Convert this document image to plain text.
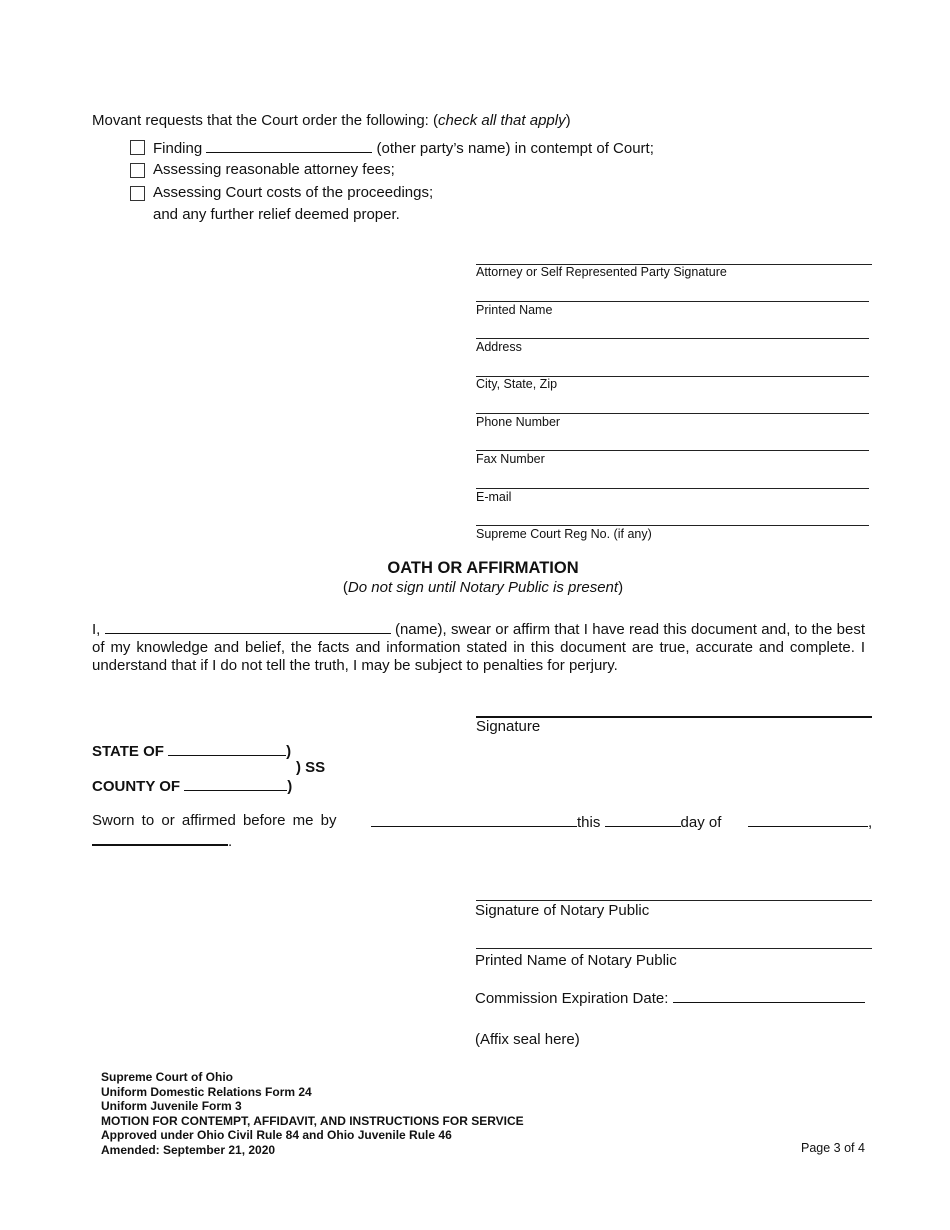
Movant requests that the Court order the following: (check all that apply)
Finding	(other party’s name) in contempt of Court;
Assessing reasonable attorney fees;
Assessing Court costs of the proceedings;
and any further relief deemed proper.
Attorney or Self Represented Party Signature
Printed Name
Address
City, State, Zip
Phone Number
Fax Number
E-mail
Supreme Court Reg No. (if any)
OATH OR AFFIRMATION
(Do not sign until Notary Public is present)
I,	(name), swear or affirm that I have read this document and, to the best of my knowledge and belief, the facts and information stated in this document are true, accurate and complete. I understand that if I do not tell the truth, I may be subject to penalties for perjury.
Signature
STATE OF	)
) SS
COUNTY OF	)
Sworn to or affirmed before me by	this	day of	,
.
Signature of Notary Public
Printed Name of Notary Public
Commission Expiration Date:
(Affix seal here)
Supreme Court of Ohio
Uniform Domestic Relations Form 24
Uniform Juvenile Form 3
MOTION FOR CONTEMPT, AFFIDAVIT, AND INSTRUCTIONS FOR SERVICE
Approved under Ohio Civil Rule 84 and Ohio Juvenile Rule 46
Amended: September 21, 2020	Page 3 of 4
